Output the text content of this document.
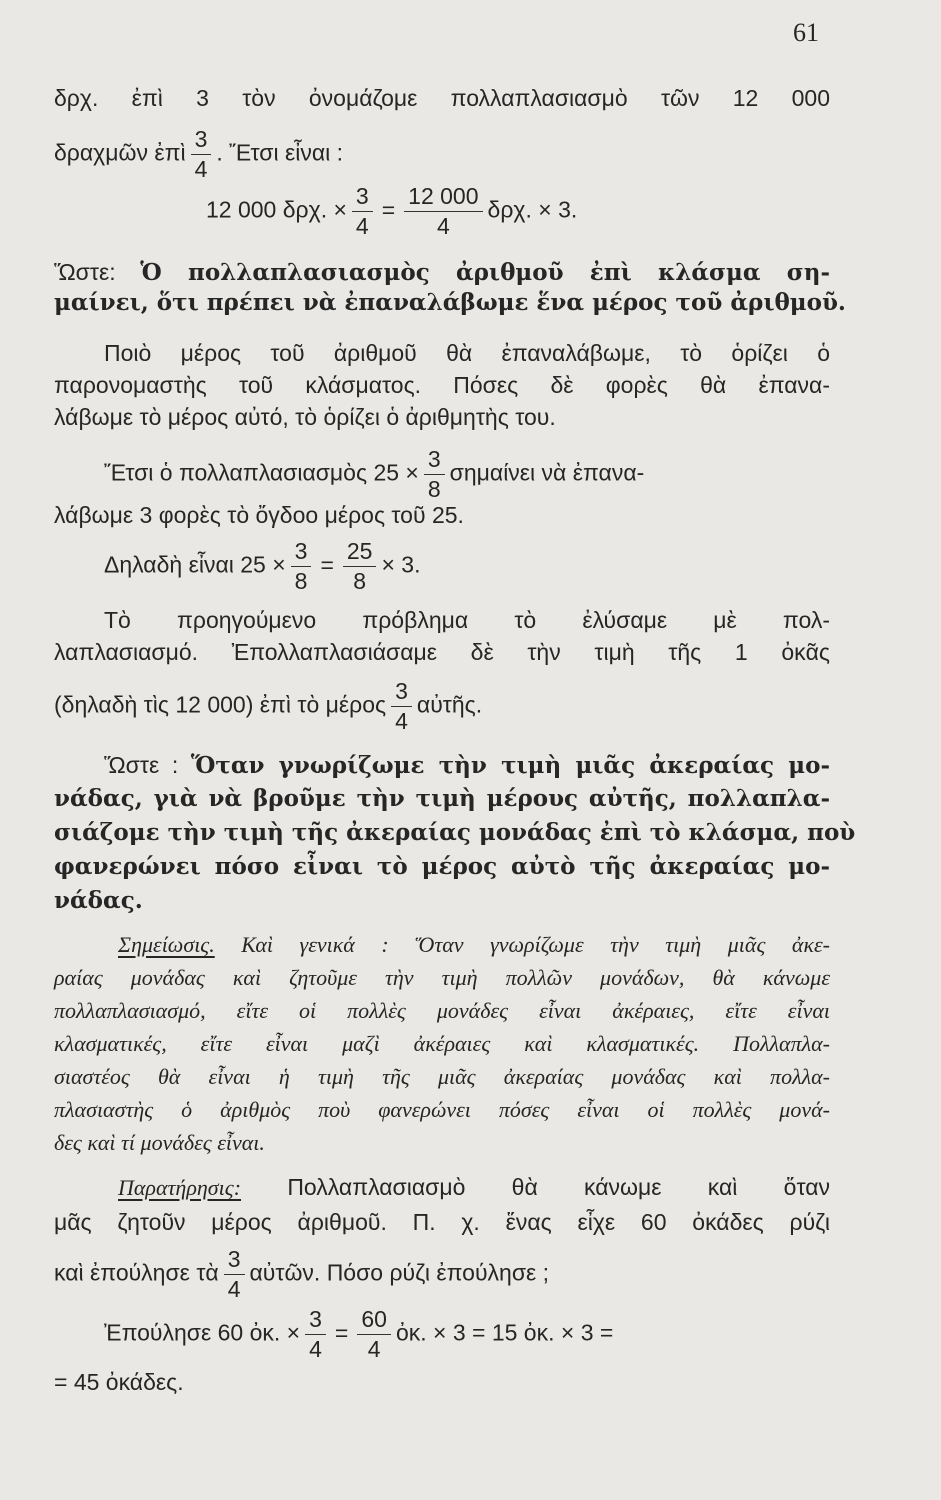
61
δρχ. ἐπὶ 3 τὸν ὀνομάζομε πολλαπλασιασμὸ τῶν 12 000
δραχμῶν ἐπὶ $\frac{3}{4}$ . Ἔτσι εἶναι :
12 000 δρχ. × $\frac{3}{4} = \frac{12 000}{4} \delta\rho\chi$. × 3.
Ὥστε: Ὁ πολλαπλασιασμὸς ἀριθμοῦ ἐπὶ κλάσμα ση-
μαίνει, ὅτι πρέπει νὰ ἐπαναλάβωμε ἕνα μέρος τοῦ ἀριθμοῦ.
Ποιὸ μέρος τοῦ ἀριθμοῦ θὰ ἐπαναλάβωμε, τὸ ὁρίζει ὁ
παρονομαστὴς τοῦ κλάσματος. Πόσες δὲ φορὲς θὰ ἐπανα-
λάβωμε τὸ μέρος αὐτό, τὸ ὁρίζει ὁ ἀριθμητὴς του.
Ἔτσι ὁ πολλαπλασιασμὸς $25 \times \frac{3}{8}$ σημαίνει νὰ ἐπανα-
λάβωμε 3 φορὲς τὸ ὄγδοο μέρος τοῦ 25.
Δηλαδὴ εἶναι $25 \times \frac{3}{8} = \frac{25}{8} \times 3$.
Τὸ προηγούμενο πρόβλημα τὸ ἐλύσαμε μὲ πολ-
λαπλασιασμό. Ἐπολλαπλασιάσαμε δὲ τὴν τιμὴ τῆς 1 ὀκᾶς
(δηλαδὴ τὶς 12 000) ἐπὶ τὸ μέρος $\frac{3}{4}$ αὐτῆς.
Ὥστε : Ὅταν γνωρίζωμε τὴν τιμὴ μιᾶς ἀκεραίας μο-
νάδας, γιὰ νὰ βροῦμε τὴν τιμὴ μέρους αὐτῆς, πολλαπλα-
σιάζομε τὴν τιμὴ τῆς ἀκεραίας μονάδας ἐπὶ τὸ κλάσμα, ποὺ
φανερώνει πόσο εἶναι τὸ μέρος αὐτὸ τῆς ἀκεραίας μο-
νάδας.
Σημείωσις. Καὶ γενικά : Ὅταν γνωρίζωμε τὴν τιμὴ μιᾶς ἀκε-
ραίας μονάδας καὶ ζητοῦμε τὴν τιμὴ πολλῶν μονάδων, θὰ κάνωμε
πολλαπλασιασμό, εἴτε οἱ πολλὲς μονάδες εἶναι ἀκέραιες, εἴτε εἶναι
κλασματικές, εἴτε εἶναι μαζὶ ἀκέραιες καὶ κλασματικές. Πολλαπλα-
σιαστέος θὰ εἶναι ἡ τιμὴ τῆς μιᾶς ἀκεραίας μονάδας καὶ πολλα-
πλασιαστὴς ὁ ἀριθμὸς ποὺ φανερώνει πόσες εἶναι οἱ πολλὲς μονά-
δες καὶ τί μονάδες εἶναι.
Παρατήρησις: Πολλαπλασιασμὸ θὰ κάνωμε καὶ ὅταν
μᾶς ζητοῦν μέρος ἀριθμοῦ. Π. χ. ἕνας εἶχε 60 ὀκάδες ρύζι
καὶ ἐπούλησε τὰ $\frac{3}{4}$ αὐτῶν. Πόσο ρύζι ἐπούλησε ;
Ἐπούλησε 60 ὀκ. × $\frac{3}{4} = \frac{60}{4}$ ὀκ. × 3 = 15 ὀκ. × 3 =
= 45 ὀκάδες.
